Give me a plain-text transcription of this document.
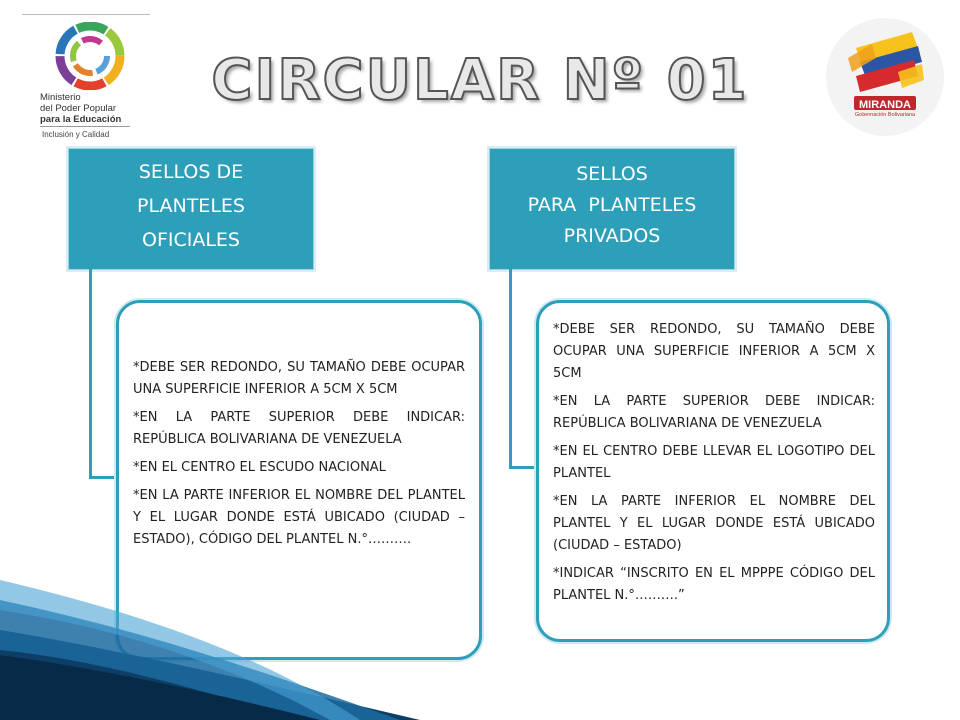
Ministerio
del Poder Popular
para la Educación
Inclusión y Calidad
CIRCULAR Nº 01	MIRANDA
Gobernación Bolivariana
SELLOS DE
PLANTELES
OFICIALES
SELLOS
PARA  PLANTELES
PRIVADOS

*DEBE SER REDONDO, SU TAMAÑO DEBE OCUPAR UNA SUPERFICIE INFERIOR A 5CM X 5CM

*EN LA PARTE SUPERIOR DEBE INDICAR: REPÚBLICA BOLIVARIANA DE VENEZUELA

*EN EL CENTRO EL ESCUDO NACIONAL

*EN LA PARTE INFERIOR EL NOMBRE DEL PLANTEL Y EL LUGAR DONDE ESTÁ UBICADO (CIUDAD – ESTADO), CÓDIGO DEL PLANTEL N.°……….

*DEBE SER REDONDO, SU TAMAÑO DEBE OCUPAR UNA SUPERFICIE INFERIOR A 5CM X 5CM

*EN LA PARTE SUPERIOR DEBE INDICAR: REPÚBLICA BOLIVARIANA DE VENEZUELA

*EN EL CENTRO DEBE LLEVAR EL LOGOTIPO DEL PLANTEL

*EN LA PARTE INFERIOR EL NOMBRE DEL PLANTEL Y EL LUGAR DONDE ESTÁ UBICADO (CIUDAD – ESTADO)

*INDICAR “INSCRITO EN EL MPPPE CÓDIGO DEL PLANTEL N.°……….”
